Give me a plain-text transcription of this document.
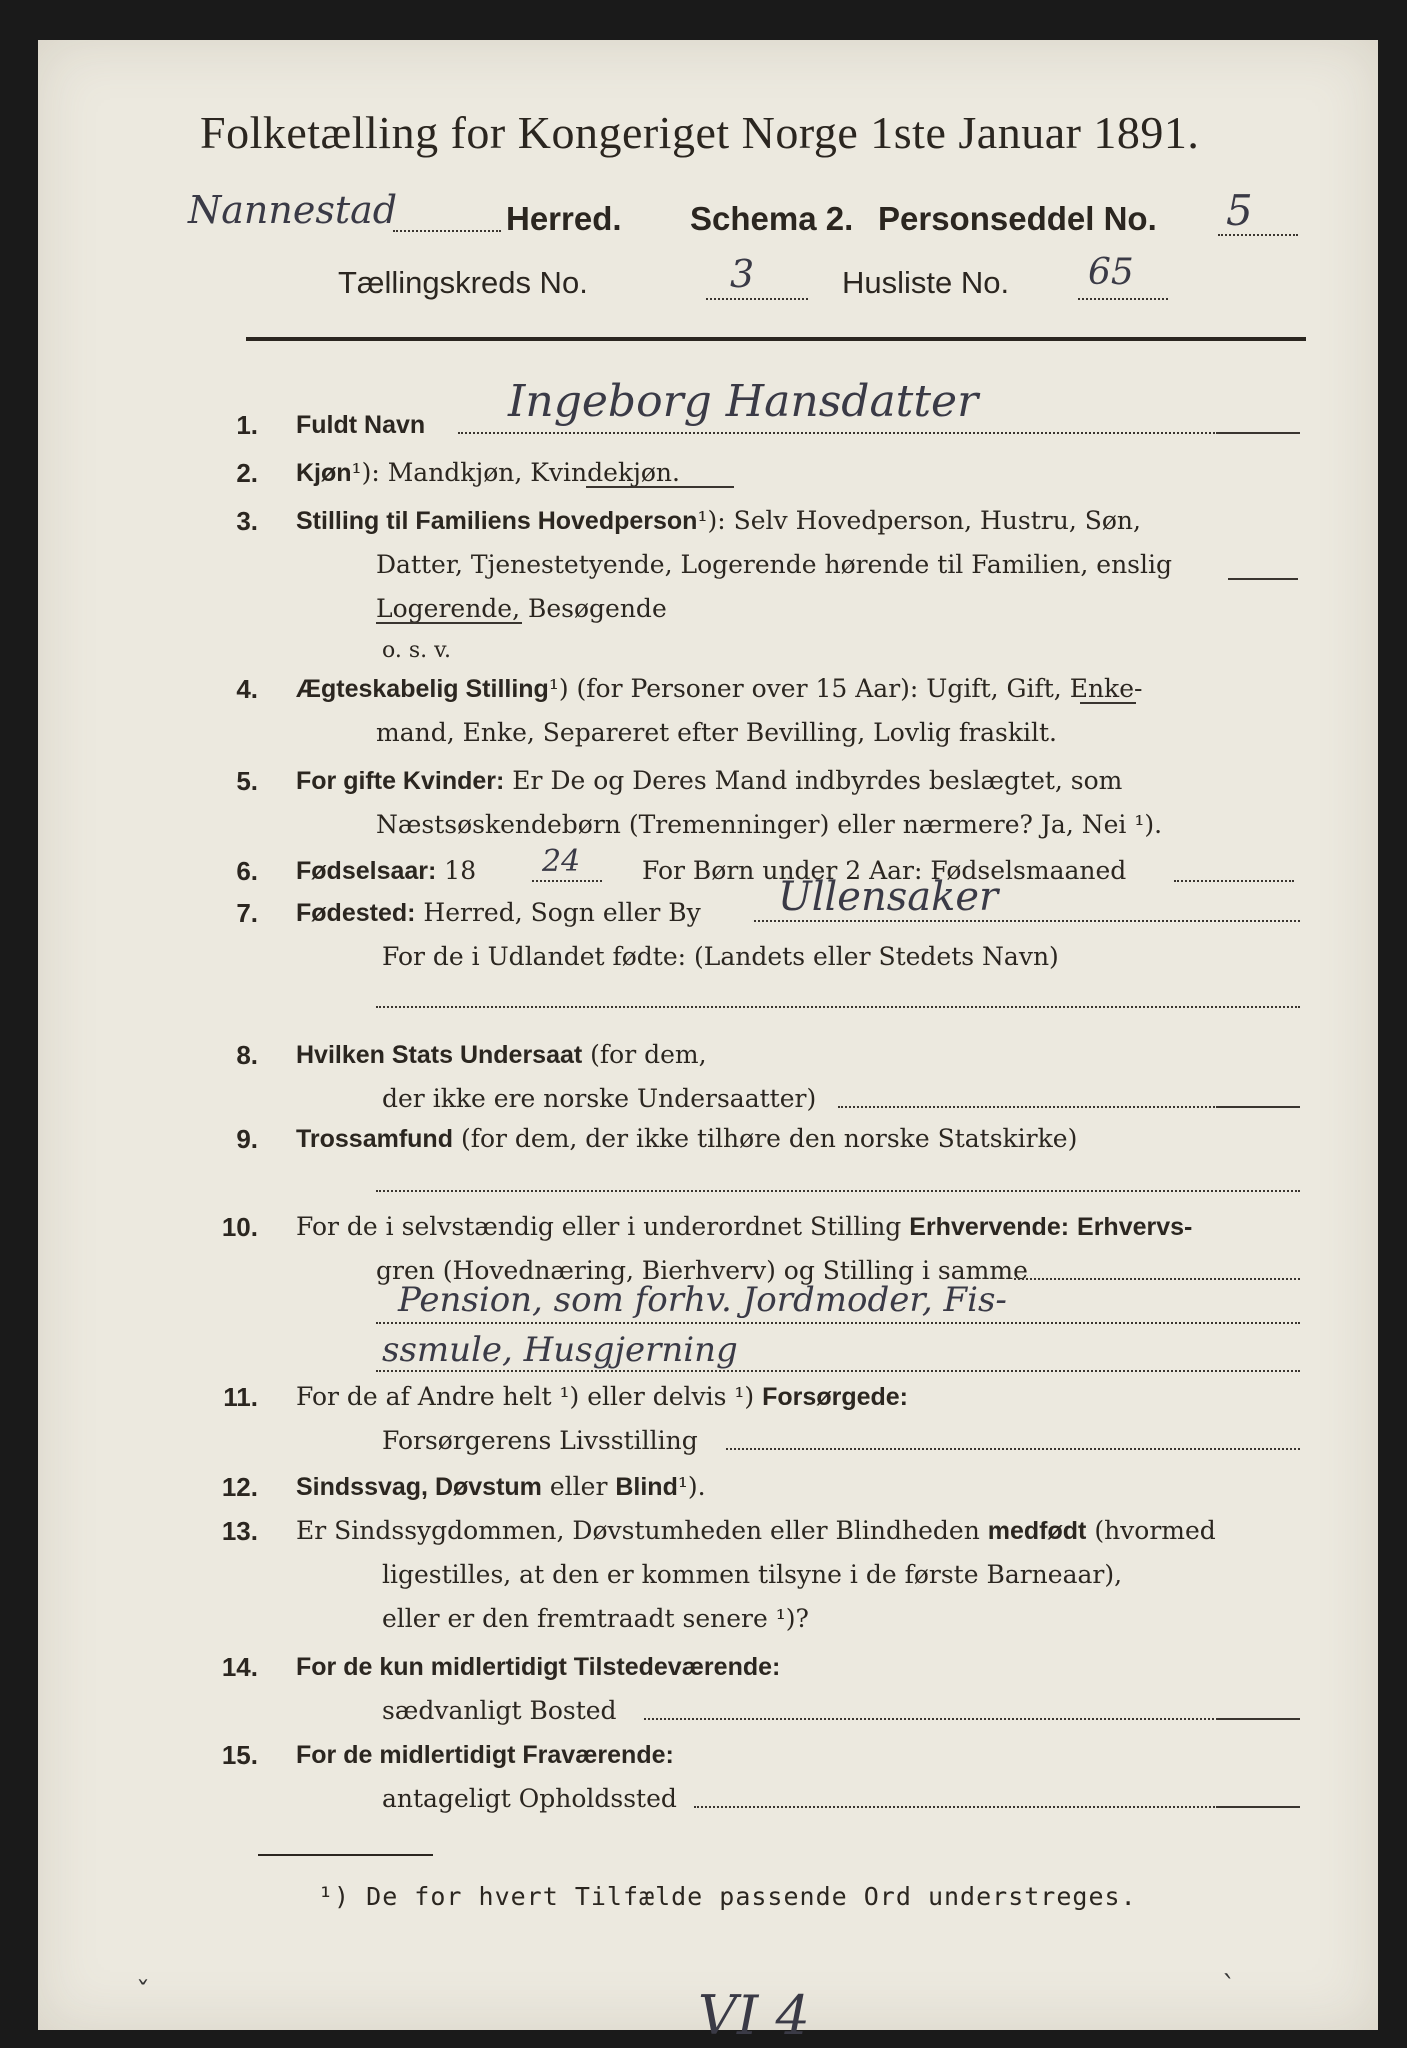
Folketælling for Kongeriget Norge 1ste Januar 1891.
Nannestad	Herred. Schema 2. Personseddel No. 5
Tællingskreds No.	3	Husliste No. 65
1. Fuldt Navn Ingeborg Hansdatter
2. Kjøn¹): Mandkjøn, Kvindekjøn.
3. Stilling til Familiens Hovedperson¹): Selv Hovedperson, Hustru, Søn,
Datter, Tjenestetyende, Logerende hørende til Familien, enslig
Logerende, Besøgende
o. s. v.
4. Ægteskabelig Stilling¹) (for Personer over 15 Aar): Ugift, Gift, Enke-
mand, Enke, Separeret efter Bevilling, Lovlig fraskilt.
5. For gifte Kvinder: Er De og Deres Mand indbyrdes beslægtet, som
Næstsøskendebørn (Tremenninger) eller nærmere? Ja, Nei ¹).
6. Fødselsaar: 18 24 For Børn under 2 Aar: Fødselsmaaned
7. Fødested: Herred, Sogn eller By Ullensaker
For de i Udlandet fødte: (Landets eller Stedets Navn)
8. Hvilken Stats Undersaat (for dem,
der ikke ere norske Undersaatter)
9. Trossamfund (for dem, der ikke tilhøre den norske Statskirke)
10. For de i selvstændig eller i underordnet Stilling Erhvervende: Erhvervs-
gren (Hovednæring, Bierhverv) og Stilling i samme
Pension, som forhv. Jordmoder, Fis-
ssmule, Husgjerning
11. For de af Andre helt ¹) eller delvis ¹) Forsørgede:
Forsørgerens Livsstilling
12. Sindssvag, Døvstum eller Blind¹).
13. Er Sindssygdommen, Døvstumheden eller Blindheden medfødt (hvormed
ligestilles, at den er kommen tilsyne i de første Barneaar),
eller er den fremtraadt senere ¹)?
14. For de kun midlertidigt Tilstedeværende:
sædvanligt Bosted
15. For de midlertidigt Fraværende:
antageligt Opholdssted
¹) De for hvert Tilfælde passende Ord understreges.
VI 4
ˇ	ˋ
